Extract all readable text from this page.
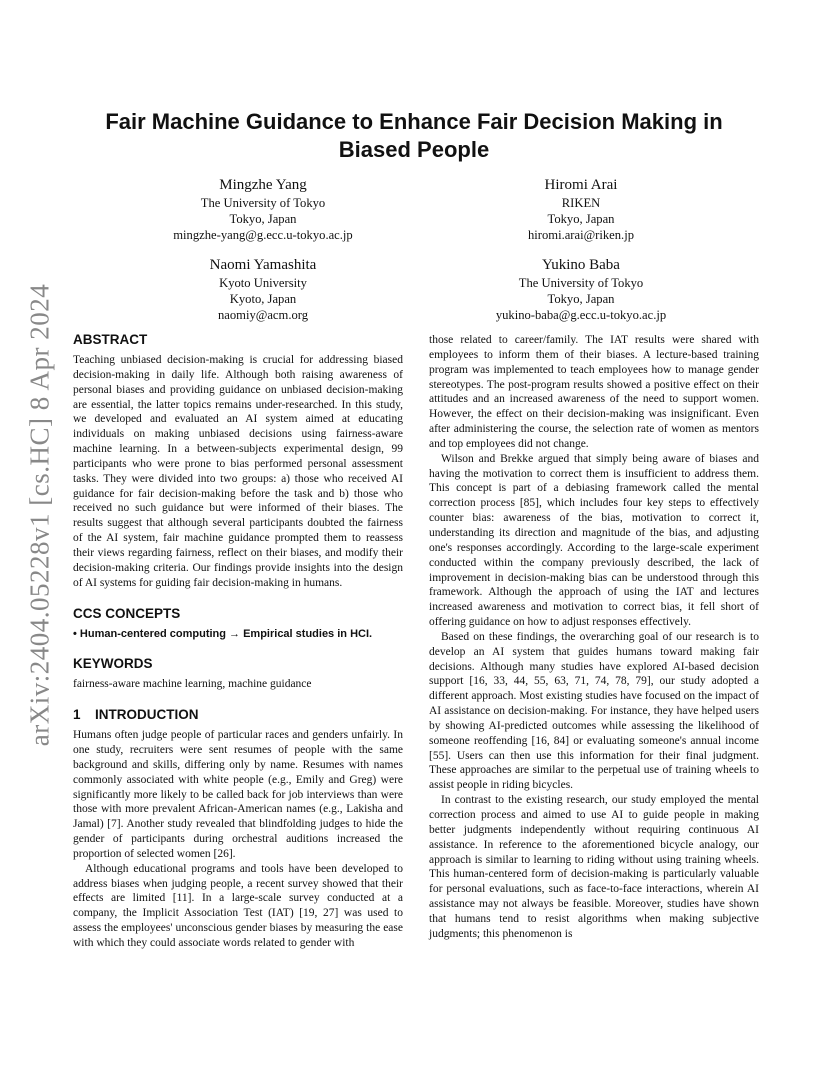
arXiv:2404.05228v1 [cs.HC] 8 Apr 2024
Fair Machine Guidance to Enhance Fair Decision Making in Biased People
Mingzhe Yang
The University of Tokyo
Tokyo, Japan
mingzhe-yang@g.ecc.u-tokyo.ac.jp
Hiromi Arai
RIKEN
Tokyo, Japan
hiromi.arai@riken.jp
Naomi Yamashita
Kyoto University
Kyoto, Japan
naomiy@acm.org
Yukino Baba
The University of Tokyo
Tokyo, Japan
yukino-baba@g.ecc.u-tokyo.ac.jp
ABSTRACT

Teaching unbiased decision-making is crucial for addressing biased decision-making in daily life. Although both raising awareness of personal biases and providing guidance on unbiased decision-making are essential, the latter topics remains under-researched. In this study, we developed and evaluated an AI system aimed at educating individuals on making unbiased decisions using fairness-aware machine learning. In a between-subjects experimental design, 99 participants who were prone to bias performed personal assessment tasks. They were divided into two groups: a) those who received AI guidance for fair decision-making before the task and b) those who received no such guidance but were informed of their biases. The results suggest that although several participants doubted the fairness of the AI system, fair machine guidance prompted them to reassess their views regarding fairness, reflect on their biases, and modify their decision-making criteria. Our findings provide insights into the design of AI systems for guiding fair decision-making in humans.

CCS CONCEPTS

• Human-centered computing → Empirical studies in HCI.

KEYWORDS

fairness-aware machine learning, machine guidance

1 INTRODUCTION

Humans often judge people of particular races and genders unfairly. In one study, recruiters were sent resumes of people with the same background and skills, differing only by name. Resumes with names commonly associated with white people (e.g., Emily and Greg) were significantly more likely to be called back for job interviews than were those with more prevalent African-American names (e.g., Lakisha and Jamal) [7]. Another study revealed that blindfolding judges to hide the gender of participants during orchestral auditions increased the proportion of selected women [26].

Although educational programs and tools have been developed to address biases when judging people, a recent survey showed that their effects are limited [11]. In a large-scale survey conducted at a company, the Implicit Association Test (IAT) [19, 27] was used to assess the employees' unconscious gender biases by measuring the ease with which they could associate words related to gender with

those related to career/family. The IAT results were shared with employees to inform them of their biases. A lecture-based training program was implemented to teach employees how to manage gender stereotypes. The post-program results showed a positive effect on their attitudes and an increased awareness of the need to support women. However, the effect on their decision-making was insignificant. Even after administering the course, the selection rate of women as mentors and top employees did not change.

Wilson and Brekke argued that simply being aware of biases and having the motivation to correct them is insufficient to address them. This concept is part of a debiasing framework called the mental correction process [85], which includes four key steps to effectively counter bias: awareness of the bias, motivation to correct it, understanding its direction and magnitude of the bias, and adjusting one's responses accordingly. According to the large-scale experiment conducted within the company previously described, the lack of improvement in decision-making bias can be understood through this framework. Although the approach of using the IAT and lectures increased awareness and motivation to correct bias, it fell short of offering guidance on how to adjust responses effectively.

Based on these findings, the overarching goal of our research is to develop an AI system that guides humans toward making fair decisions. Although many studies have explored AI-based decision support [16, 33, 44, 55, 63, 71, 74, 78, 79], our study adopted a different approach. Most existing studies have focused on the impact of AI assistance on decision-making. For instance, they have helped users by showing AI-predicted outcomes while assessing the likelihood of someone reoffending [16, 84] or evaluating someone's annual income [55]. Users can then use this information for their final judgment. These approaches are similar to the perpetual use of training wheels to assist people in riding bicycles.

In contrast to the existing research, our study employed the mental correction process and aimed to use AI to guide people in making better judgments independently without requiring continuous AI assistance. In reference to the aforementioned bicycle analogy, our approach is similar to learning to riding without using training wheels. This human-centered form of decision-making is particularly valuable for personal evaluations, such as face-to-face interactions, wherein AI assistance may not always be feasible. Moreover, studies have shown that humans tend to resist algorithms when making subjective judgments; this phenomenon is
